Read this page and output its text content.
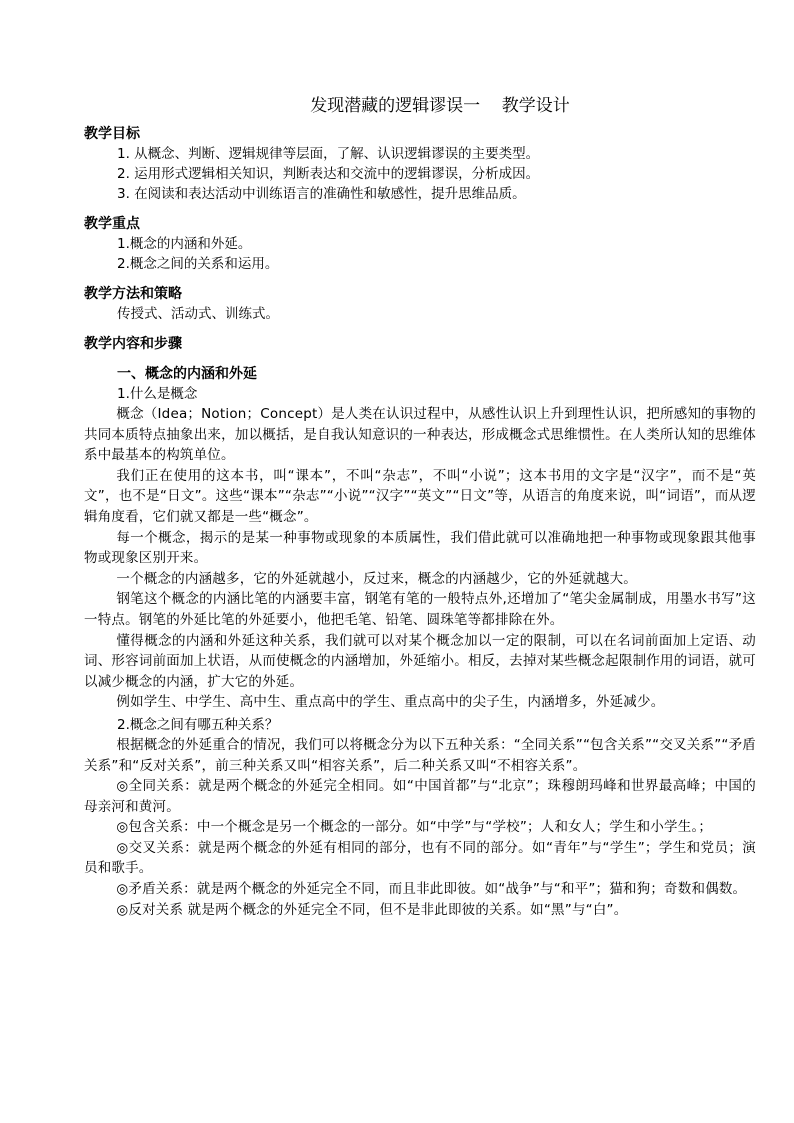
发现潜藏的逻辑谬误一    教学设计
教学目标
1. 从概念、判断、逻辑规律等层面，了解、认识逻辑谬误的主要类型。
2. 运用形式逻辑相关知识，判断表达和交流中的逻辑谬误，分析成因。
3. 在阅读和表达活动中训练语言的准确性和敏感性，提升思维品质。
教学重点
1.概念的内涵和外延。
2.概念之间的关系和运用。
教学方法和策略
传授式、活动式、训练式。
教学内容和步骤
一、概念的内涵和外延
1.什么是概念
概念（Idea；Notion；Concept）是人类在认识过程中，从感性认识上升到理性认识，把所感知的事物的共同本质特点抽象出来，加以概括，是自我认知意识的一种表达，形成概念式思维惯性。在人类所认知的思维体系中最基本的构筑单位。
我们正在使用的这本书，叫“课本”，不叫“杂志”，不叫“小说”；这本书用的文字是“汉字”，而不是“英文”，也不是“日文”。这些“课本”“杂志”“小说”“汉字”“英文”“日文”等，从语言的角度来说，叫“词语”，而从逻辑角度看，它们就又都是一些“概念”。
每一个概念，揭示的是某一种事物或现象的本质属性，我们借此就可以准确地把一种事物或现象跟其他事物或现象区别开来。
一个概念的内涵越多，它的外延就越小，反过来，概念的内涵越少，它的外延就越大。
钢笔这个概念的内涵比笔的内涵要丰富，钢笔有笔的一般特点外,还增加了“笔尖金属制成，用墨水书写”这一特点。钢笔的外延比笔的外延要小，他把毛笔、铅笔、圆珠笔等都排除在外。
懂得概念的内涵和外延这种关系，我们就可以对某个概念加以一定的限制，可以在名词前面加上定语、动词、形容词前面加上状语，从而使概念的内涵增加，外延缩小。相反，去掉对某些概念起限制作用的词语，就可以减少概念的内涵，扩大它的外延。
例如学生、中学生、高中生、重点高中的学生、重点高中的尖子生，内涵增多，外延减少。
2.概念之间有哪五种关系？
根据概念的外延重合的情况，我们可以将概念分为以下五种关系：“全同关系”“包含关系”“交叉关系”“矛盾关系”和“反对关系”，前三种关系又叫“相容关系”，后二种关系又叫“不相容关系”。
◎全同关系：就是两个概念的外延完全相同。如“中国首都”与“北京”；珠穆朗玛峰和世界最高峰；中国的母亲河和黄河。
◎包含关系：中一个概念是另一个概念的一部分。如“中学”与“学校”；人和女人；学生和小学生。；
◎交叉关系：就是两个概念的外延有相同的部分，也有不同的部分。如“青年”与“学生”；学生和党员；演员和歌手。
◎矛盾关系：就是两个概念的外延完全不同，而且非此即彼。如“战争”与“和平”；猫和狗；奇数和偶数。
◎反对关系 就是两个概念的外延完全不同，但不是非此即彼的关系。如“黑”与“白”。
